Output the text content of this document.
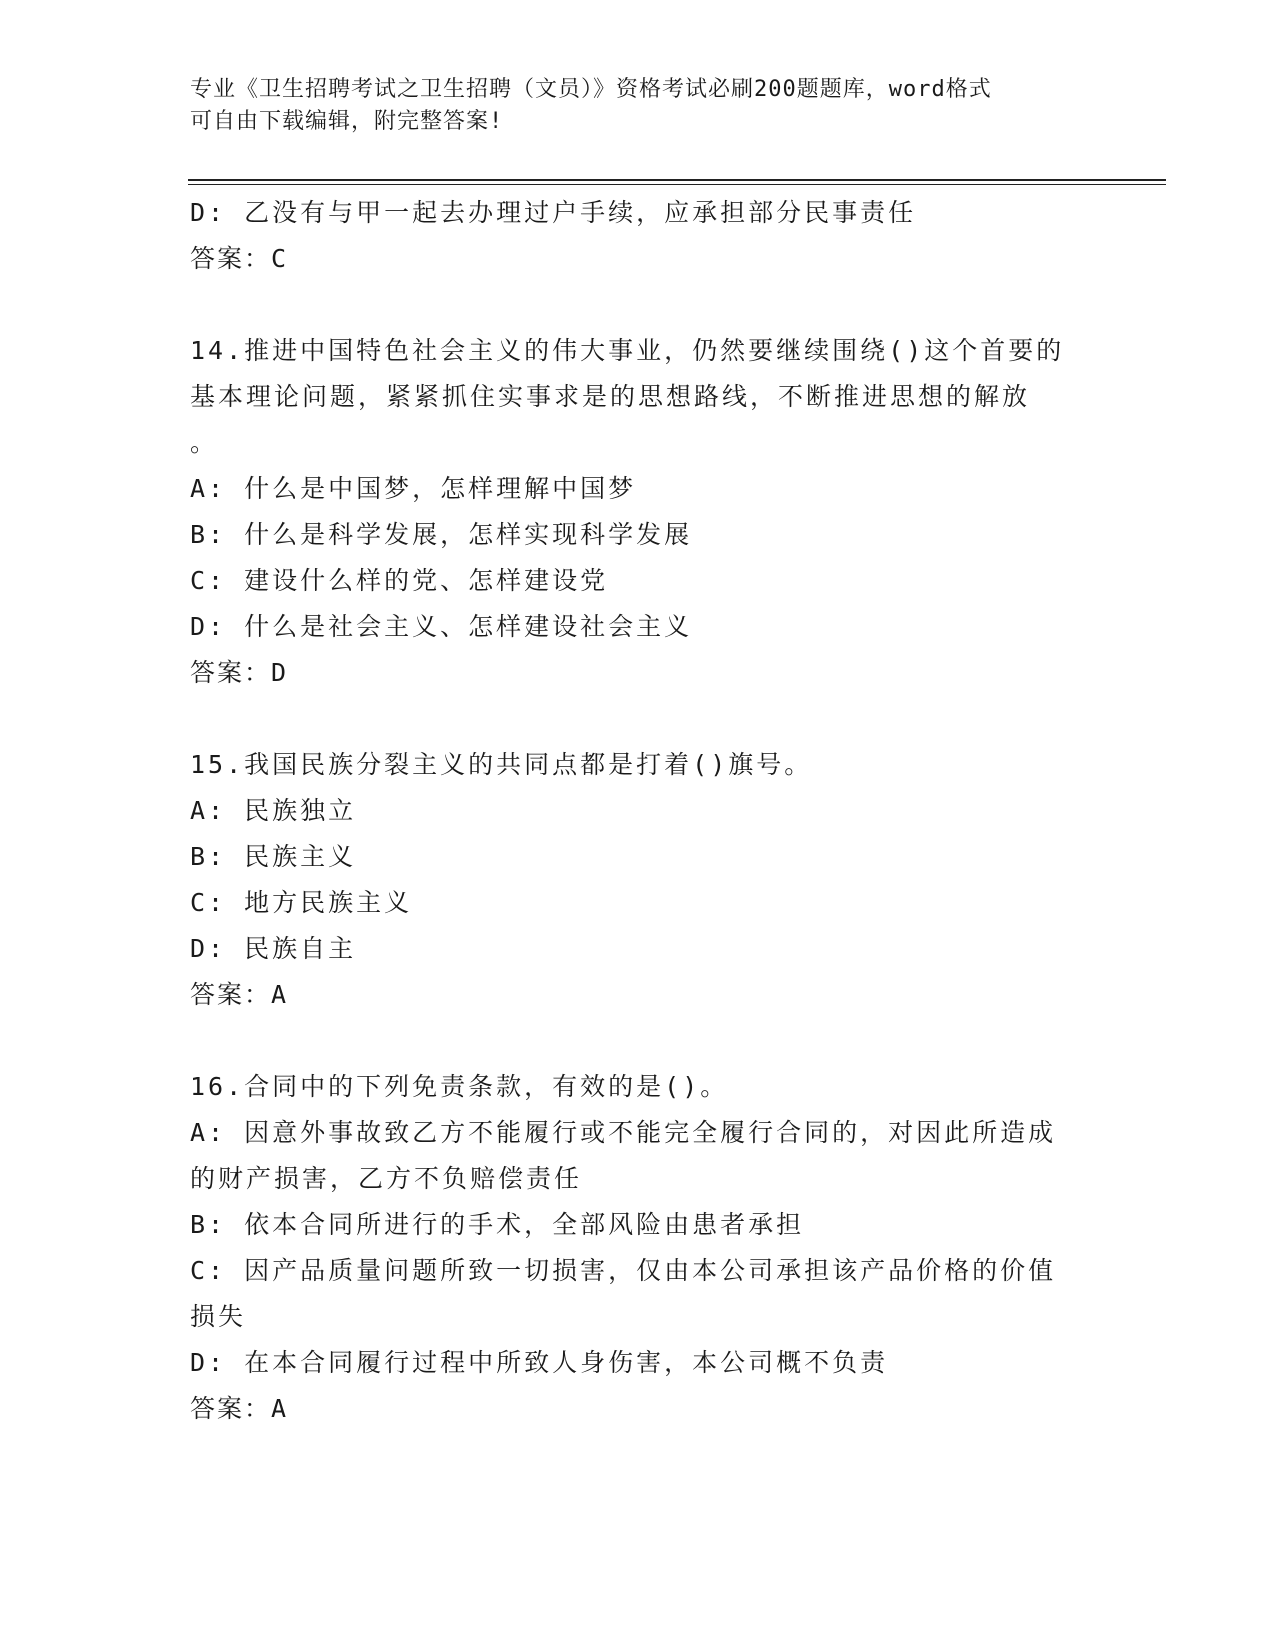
专业《卫生招聘考试之卫生招聘（文员）》资格考试必刷200题题库，word格式
可自由下载编辑，附完整答案!
D: 乙没有与甲一起去办理过户手续，应承担部分民事责任
答案：C
14.推进中国特色社会主义的伟大事业，仍然要继续围绕()这个首要的
基本理论问题，紧紧抓住实事求是的思想路线，不断推进思想的解放
。
A: 什么是中国梦，怎样理解中国梦
B: 什么是科学发展，怎样实现科学发展
C: 建设什么样的党、怎样建设党
D: 什么是社会主义、怎样建设社会主义
答案：D
15.我国民族分裂主义的共同点都是打着()旗号。
A: 民族独立
B: 民族主义
C: 地方民族主义
D: 民族自主
答案：A
16.合同中的下列免责条款，有效的是()。
A: 因意外事故致乙方不能履行或不能完全履行合同的，对因此所造成
的财产损害，乙方不负赔偿责任
B: 依本合同所进行的手术，全部风险由患者承担
C: 因产品质量问题所致一切损害，仅由本公司承担该产品价格的价值
损失
D: 在本合同履行过程中所致人身伤害，本公司概不负责
答案：A
